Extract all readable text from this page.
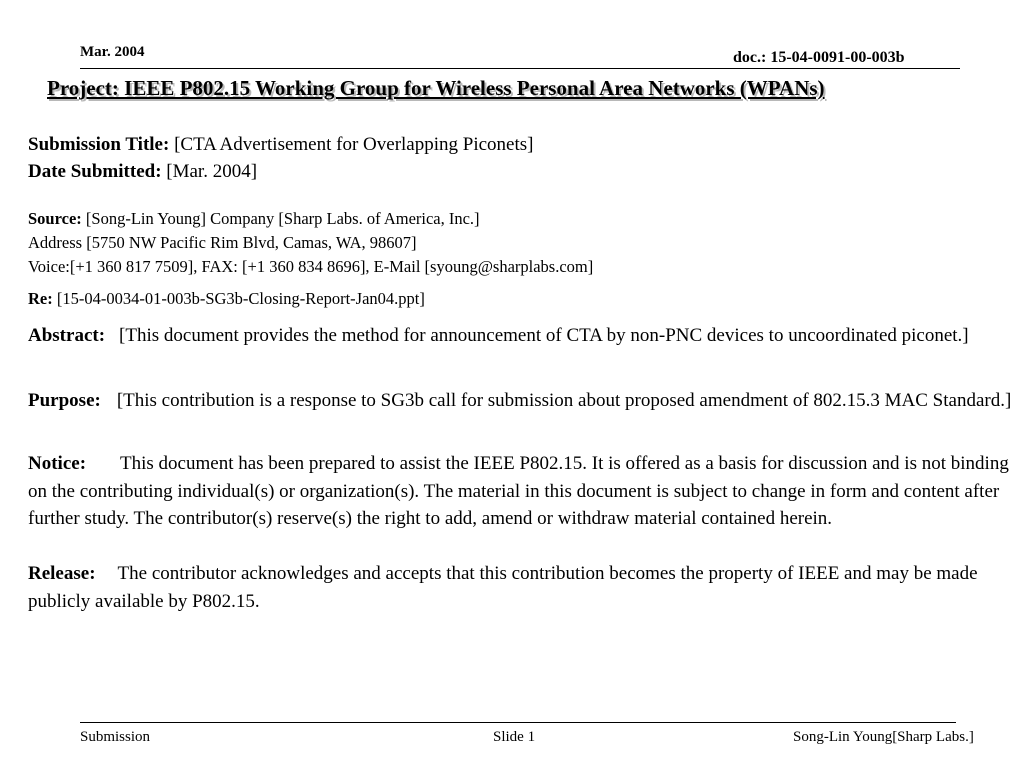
Mar. 2004	doc.: 15-04-0091-00-003b
Project: IEEE P802.15 Working Group for Wireless Personal Area Networks (WPANs)
Submission Title: [CTA Advertisement for Overlapping Piconets]
Date Submitted: [Mar. 2004]
Source: [Song-Lin Young] Company [Sharp Labs. of America, Inc.]
Address [5750 NW Pacific Rim Blvd, Camas, WA, 98607]
Voice:[+1 360 817 7509], FAX: [+1 360 834 8696], E-Mail [syoung@sharplabs.com]
Re: [15-04-0034-01-003b-SG3b-Closing-Report-Jan04.ppt]
Abstract: [This document provides the method for announcement of CTA by non-PNC devices to uncoordinated piconet.]
Purpose: [This contribution is a response to SG3b call for submission about proposed amendment of 802.15.3 MAC Standard.]
Notice: This document has been prepared to assist the IEEE P802.15. It is offered as a basis for discussion and is not binding on the contributing individual(s) or organization(s). The material in this document is subject to change in form and content after further study. The contributor(s) reserve(s) the right to add, amend or withdraw material contained herein.
Release: The contributor acknowledges and accepts that this contribution becomes the property of IEEE and may be made publicly available by P802.15.
Submission	Slide 1	Song-Lin Young[Sharp Labs.]
